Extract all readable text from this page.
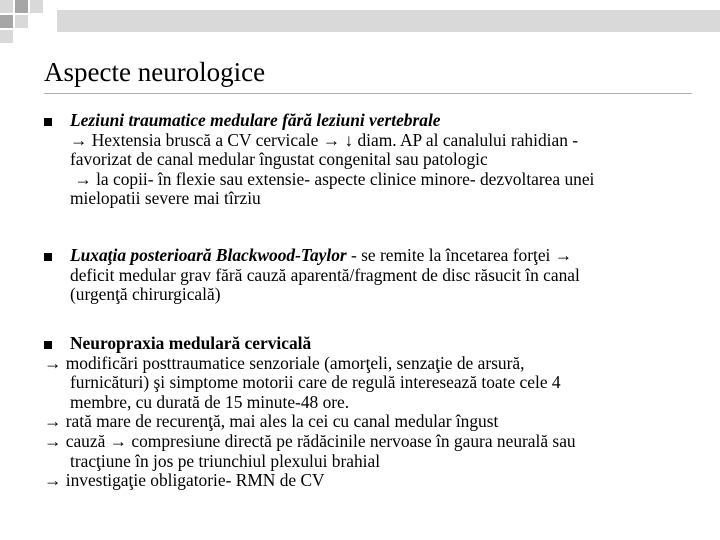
Aspecte neurologice
Leziuni traumatice medulare fără leziuni vertebrale
→ Hextensia bruscă a CV cervicale → ↓ diam. AP al canalului rahidian -
favorizat de canal medular îngustat congenital sau patologic
→ la copii- în flexie sau extensie- aspecte clinice minore- dezvoltarea unei
mielopatii severe mai tîrziu
Luxaţia posterioară Blackwood-Taylor - se remite la încetarea forţei →
deficit medular grav fără cauză aparentă/fragment de disc răsucit în canal
(urgenţă chirurgicală)
Neuropraxia medulară cervicală
→ modificări posttraumatice senzoriale (amorţeli, senzaţie de arsură,
furnicături) şi simptome motorii care de regulă interesează toate cele 4
membre, cu durată de 15 minute-48 ore.
→ rată mare de recurenţă, mai ales la cei cu canal medular îngust
→ cauză → compresiune directă pe rădăcinile nervoase în gaura neurală sau
tracţiune în jos pe triunchiul plexului brahial
→ investigaţie obligatorie- RMN de CV
